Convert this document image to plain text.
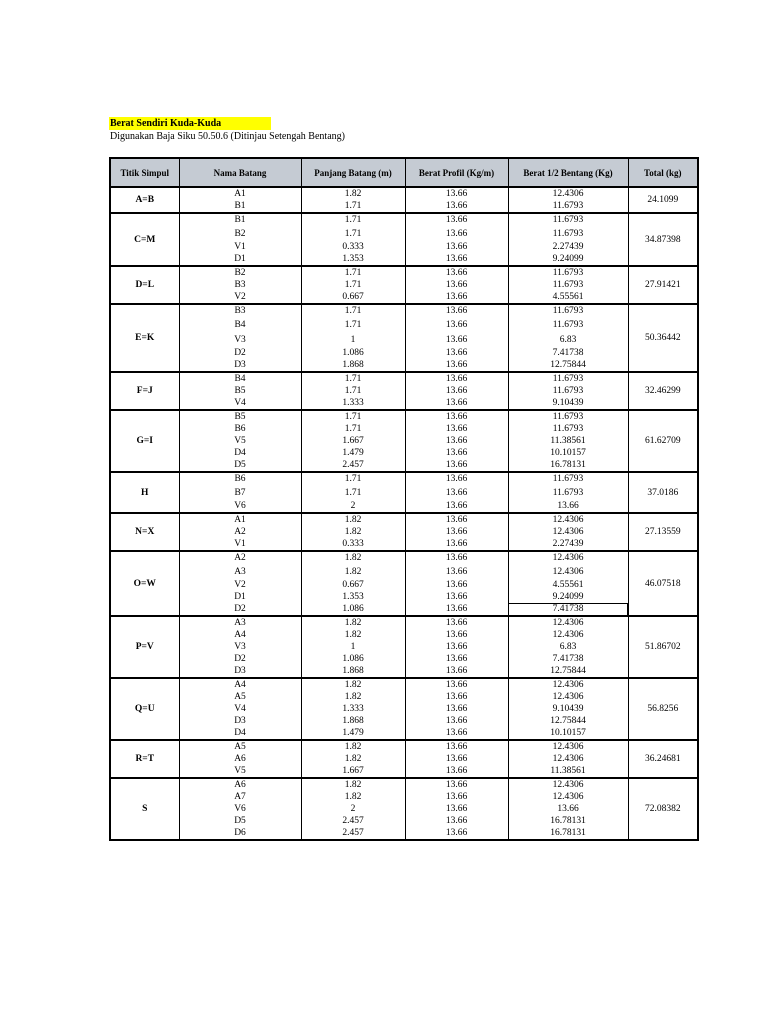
Berat Sendiri Kuda-Kuda
Digunakan Baja Siku 50.50.6 (Ditinjau Setengah Bentang)
Titik Simpul	Nama Batang	Panjang Batang (m)	Berat Profil (Kg/m)	Berat 1/2 Bentang (Kg)	Total (kg)
A=B	A1	1.82	13.66	12.4306	24.1099
	B1	1.71	13.66	11.6793	
C=M	B1	1.71	13.66	11.6793	34.87398
	B2	1.71	13.66	11.6793	
	V1	0.333	13.66	2.27439	
	D1	1.353	13.66	9.24099	
D=L	B2	1.71	13.66	11.6793	27.91421
	B3	1.71	13.66	11.6793	
	V2	0.667	13.66	4.55561	
E=K	B3	1.71	13.66	11.6793	50.36442
	B4	1.71	13.66	11.6793	
	V3	1	13.66	6.83	
	D2	1.086	13.66	7.41738	
	D3	1.868	13.66	12.75844	
F=J	B4	1.71	13.66	11.6793	32.46299
	B5	1.71	13.66	11.6793	
	V4	1.333	13.66	9.10439	
G=I	B5	1.71	13.66	11.6793	61.62709
	B6	1.71	13.66	11.6793	
	V5	1.667	13.66	11.38561	
	D4	1.479	13.66	10.10157	
	D5	2.457	13.66	16.78131	
H	B6	1.71	13.66	11.6793	37.0186
	B7	1.71	13.66	11.6793	
	V6	2	13.66	13.66	
N=X	A1	1.82	13.66	12.4306	27.13559
	A2	1.82	13.66	12.4306	
	V1	0.333	13.66	2.27439	
O=W	A2	1.82	13.66	12.4306	46.07518
	A3	1.82	13.66	12.4306	
	V2	0.667	13.66	4.55561	
	D1	1.353	13.66	9.24099	
	D2	1.086	13.66	7.41738	
P=V	A3	1.82	13.66	12.4306	51.86702
	A4	1.82	13.66	12.4306	
	V3	1	13.66	6.83	
	D2	1.086	13.66	7.41738	
	D3	1.868	13.66	12.75844	
Q=U	A4	1.82	13.66	12.4306	56.8256
	A5	1.82	13.66	12.4306	
	V4	1.333	13.66	9.10439	
	D3	1.868	13.66	12.75844	
	D4	1.479	13.66	10.10157	
R=T	A5	1.82	13.66	12.4306	36.24681
	A6	1.82	13.66	12.4306	
	V5	1.667	13.66	11.38561	
S	A6	1.82	13.66	12.4306	72.08382
	A7	1.82	13.66	12.4306	
	V6	2	13.66	13.66	
	D5	2.457	13.66	16.78131	
	D6	2.457	13.66	16.78131	
